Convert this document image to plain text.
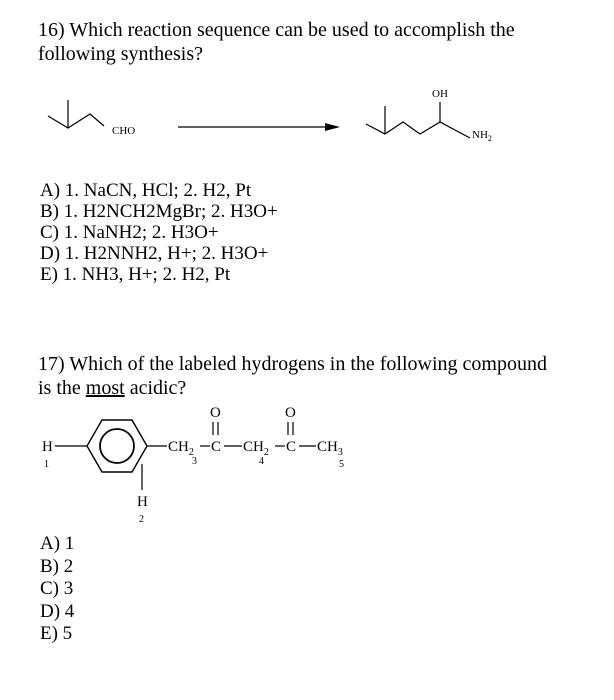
16) Which reaction sequence can be used to accomplish the
following synthesis?
CHO
OH
$NH_2$
A) 1. NaCN, HCl; 2. H2, Pt
B) 1. H2NCH2MgBr; 2. H3O+
C) 1. NaNH2; 2. H3O+
D) 1. H2NNH2, H+; 2. H3O+
E) 1. NH3, H+; 2. H2, Pt
17) Which of the labeled hydrogens in the following compound
is the most acidic?
H
1
H
2
$CH_2$ C
3
O
$CH_2$
4
C
O
$CH_3$
5
A) 1
B) 2
C) 3
D) 4
E) 5
